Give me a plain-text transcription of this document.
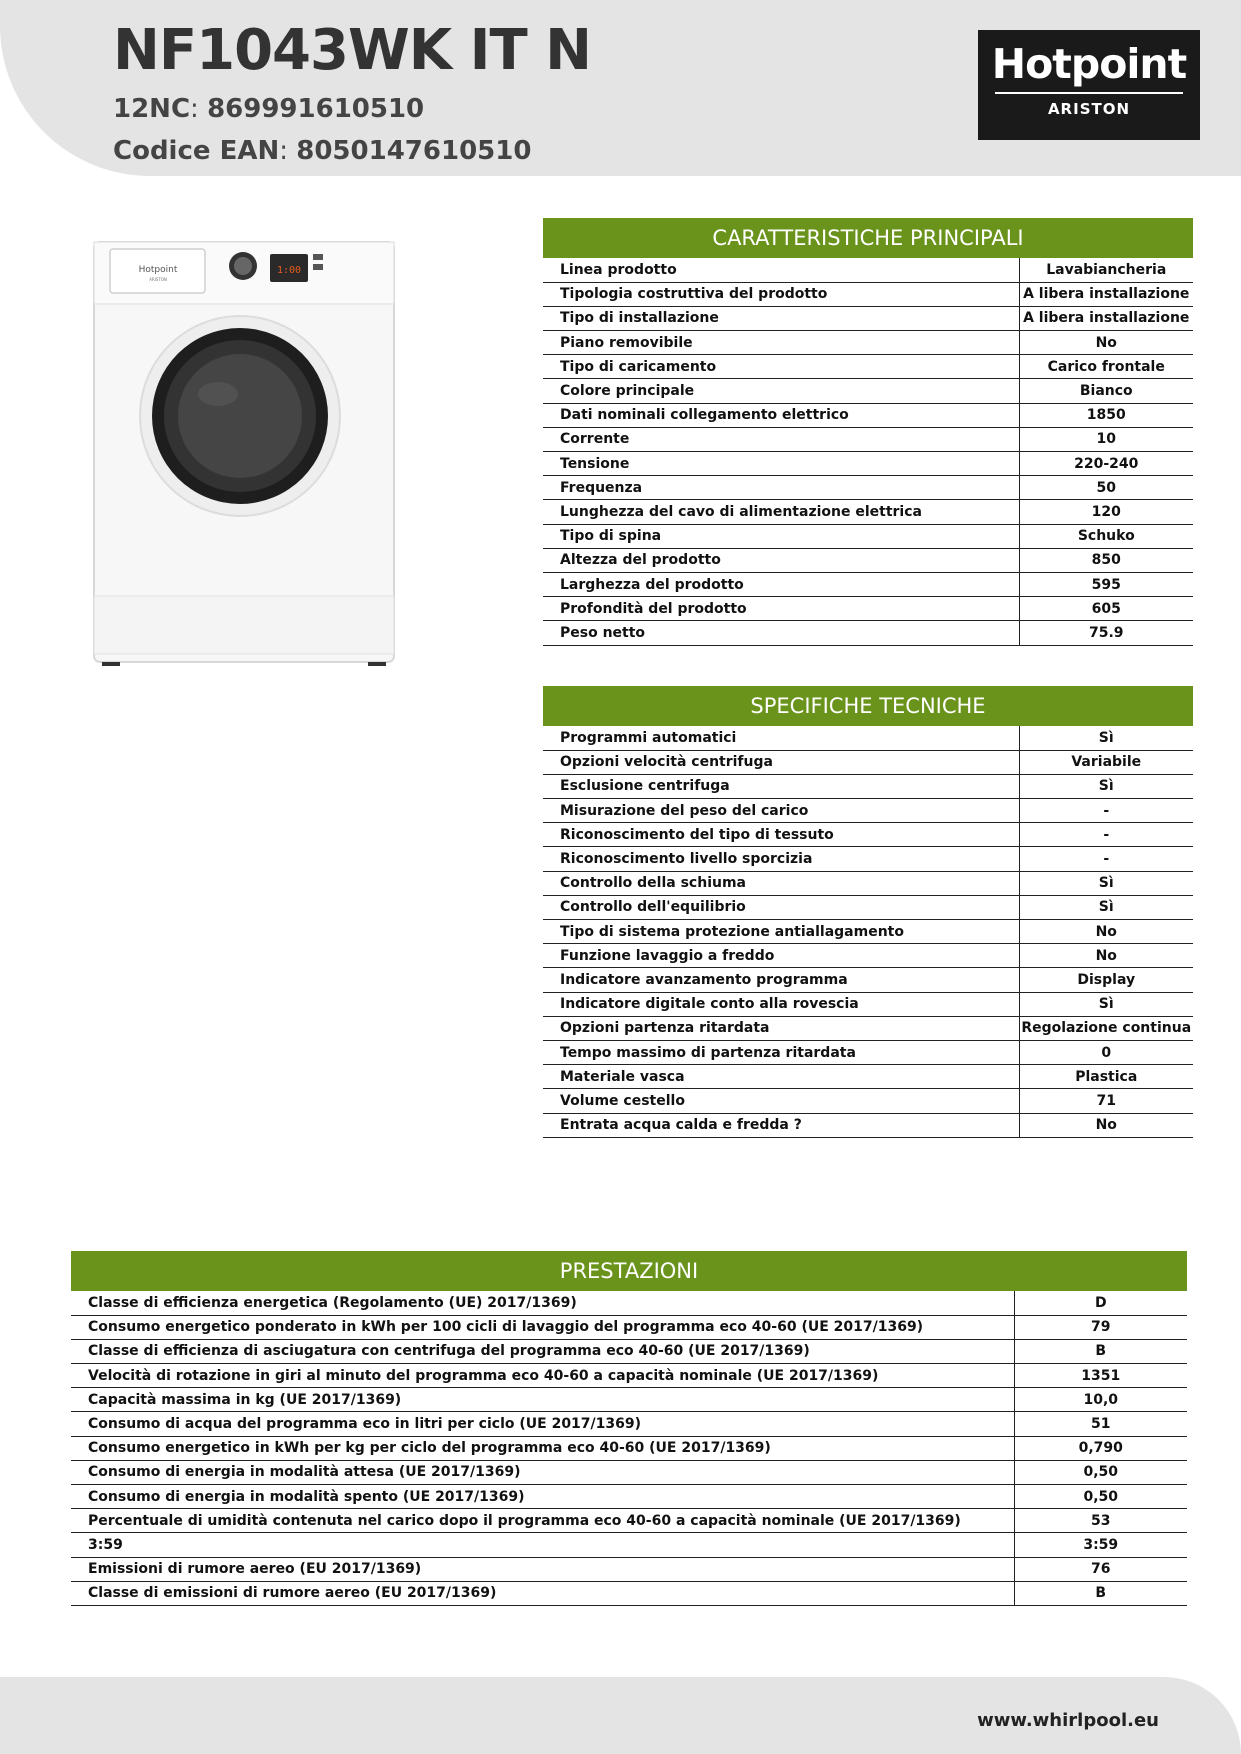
NF1043WK IT N
12NC: 869991610510
Codice EAN: 8050147610510
Hotpoint
ARISTON
Hotpoint
ARISTON
1:00
CARATTERISTICHE PRINCIPALI
Linea prodotto	Lavabiancheria
Tipologia costruttiva del prodotto	A libera installazione
Tipo di installazione	A libera installazione
Piano removibile	No
Tipo di caricamento	Carico frontale
Colore principale	Bianco
Dati nominali collegamento elettrico	1850
Corrente	10
Tensione	220-240
Frequenza	50
Lunghezza del cavo di alimentazione elettrica	120
Tipo di spina	Schuko
Altezza del prodotto	850
Larghezza del prodotto	595
Profondità del prodotto	605
Peso netto	75.9
SPECIFICHE TECNICHE
Programmi automatici	Sì
Opzioni velocità centrifuga	Variabile
Esclusione centrifuga	Sì
Misurazione del peso del carico	-
Riconoscimento del tipo di tessuto	-
Riconoscimento livello sporcizia	-
Controllo della schiuma	Sì
Controllo dell'equilibrio	Sì
Tipo di sistema protezione antiallagamento	No
Funzione lavaggio a freddo	No
Indicatore avanzamento programma	Display
Indicatore digitale conto alla rovescia	Sì
Opzioni partenza ritardata	Regolazione continua
Tempo massimo di partenza ritardata	0
Materiale vasca	Plastica
Volume cestello	71
Entrata acqua calda e fredda ?	No
PRESTAZIONI
Classe di efficienza energetica (Regolamento (UE) 2017/1369)	D
Consumo energetico ponderato in kWh per 100 cicli di lavaggio del programma eco 40-60 (UE 2017/1369)	79
Classe di efficienza di asciugatura con centrifuga del programma eco 40-60 (UE 2017/1369)	B
Velocità di rotazione in giri al minuto del programma eco 40-60 a capacità nominale (UE 2017/1369)	1351
Capacità massima in kg (UE 2017/1369)	10,0
Consumo di acqua del programma eco in litri per ciclo (UE 2017/1369)	51
Consumo energetico in kWh per kg per ciclo del programma eco 40-60 (UE 2017/1369)	0,790
Consumo di energia in modalità attesa (UE 2017/1369)	0,50
Consumo di energia in modalità spento (UE 2017/1369)	0,50
Percentuale di umidità contenuta nel carico dopo il programma eco 40-60 a capacità nominale (UE 2017/1369)	53
3:59	3:59
Emissioni di rumore aereo (EU 2017/1369)	76
Classe di emissioni di rumore aereo (EU 2017/1369)	B
www.whirlpool.eu
